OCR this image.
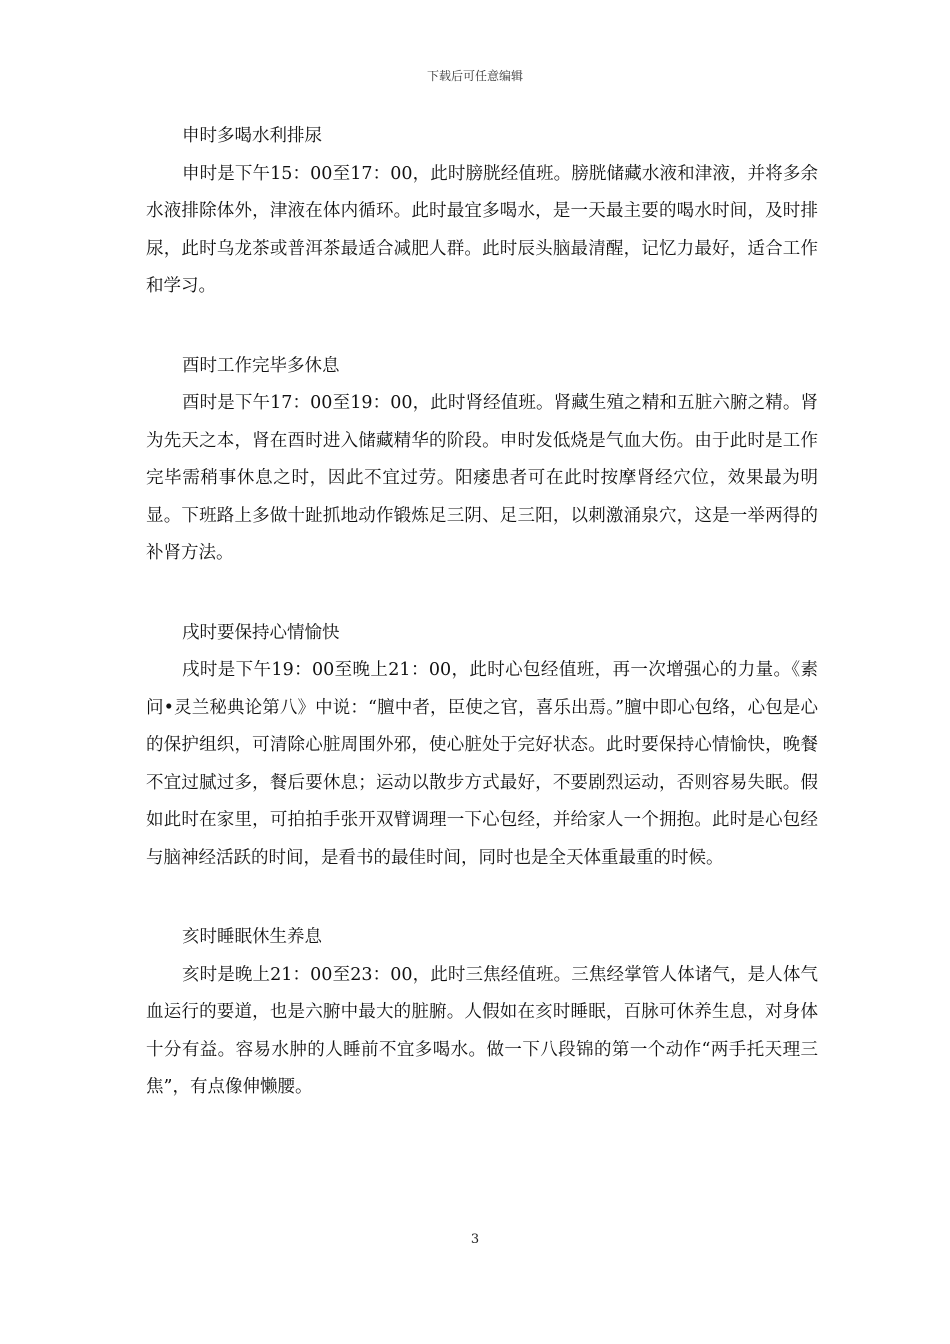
下载后可任意编辑

申时多喝水利排尿

申时是下午15：00至17：00，此时膀胱经值班。膀胱储藏水液和津液，并将多余水液排除体外，津液在体内循环。此时最宜多喝水，是一天最主要的喝水时间，及时排尿，此时乌龙茶或普洱茶最适合减肥人群。此时辰头脑最清醒，记忆力最好，适合工作和学习。

酉时工作完毕多休息

酉时是下午17：00至19：00，此时肾经值班。肾藏生殖之精和五脏六腑之精。肾为先天之本，肾在酉时进入储藏精华的阶段。申时发低烧是气血大伤。由于此时是工作完毕需稍事休息之时，因此不宜过劳。阳痿患者可在此时按摩肾经穴位，效果最为明显。下班路上多做十趾抓地动作锻炼足三阴、足三阳，以刺激涌泉穴，这是一举两得的补肾方法。

戌时要保持心情愉快

戌时是下午19：00至晚上21：00，此时心包经值班，再一次增强心的力量。《素问•灵兰秘典论第八》中说：“膻中者，臣使之官，喜乐出焉。”膻中即心包络，心包是心的保护组织，可清除心脏周围外邪，使心脏处于完好状态。此时要保持心情愉快，晚餐不宜过腻过多，餐后要休息；运动以散步方式最好，不要剧烈运动，否则容易失眠。假如此时在家里，可拍拍手张开双臂调理一下心包经，并给家人一个拥抱。此时是心包经与脑神经活跃的时间，是看书的最佳时间，同时也是全天体重最重的时候。

亥时睡眠休生养息

亥时是晚上21：00至23：00，此时三焦经值班。三焦经掌管人体诸气，是人体气血运行的要道，也是六腑中最大的脏腑。人假如在亥时睡眠，百脉可休养生息，对身体十分有益。容易水肿的人睡前不宜多喝水。做一下八段锦的第一个动作“两手托天理三焦”，有点像伸懒腰。

3
